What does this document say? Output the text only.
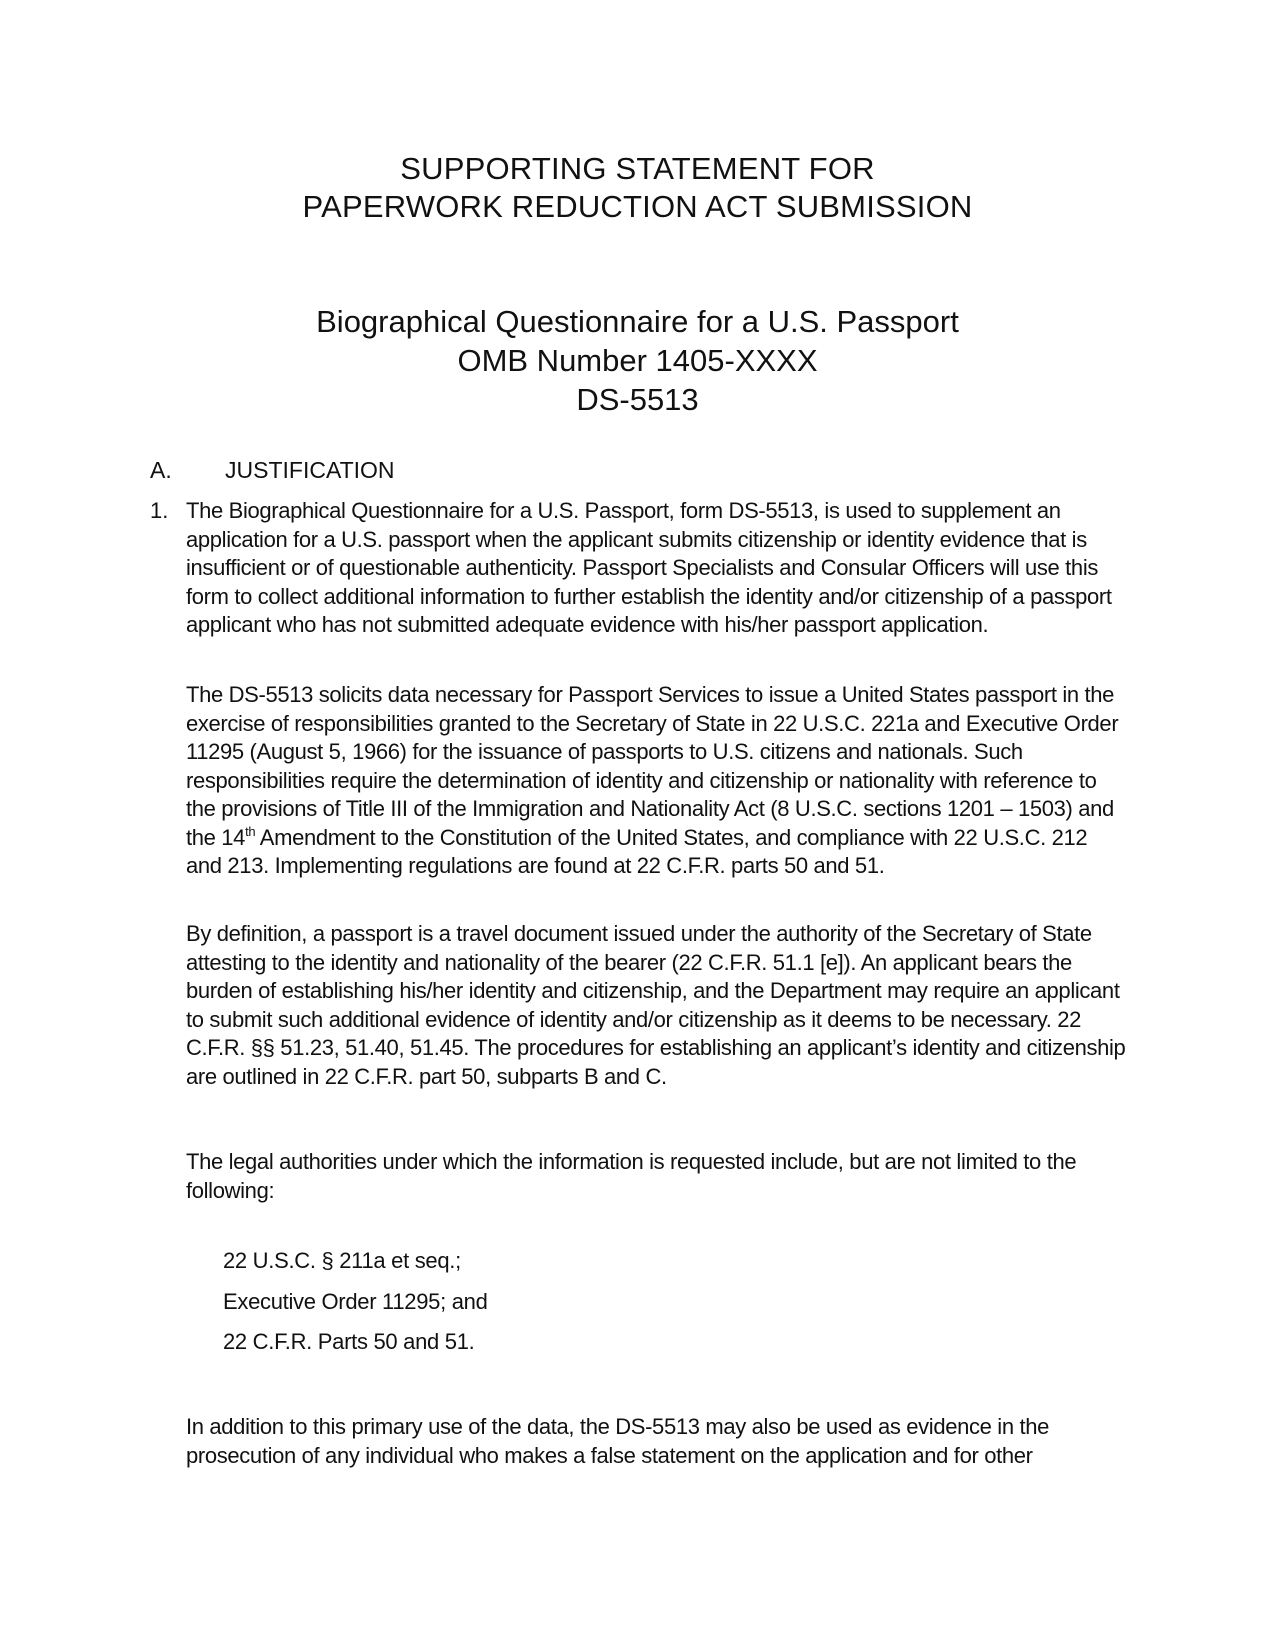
SUPPORTING STATEMENT FOR
PAPERWORK REDUCTION ACT SUBMISSION
Biographical Questionnaire for a U.S. Passport
OMB Number 1405-XXXX
DS-5513
A. JUSTIFICATION
1. The Biographical Questionnaire for a U.S. Passport, form DS-5513, is used to supplement an application for a U.S. passport when the applicant submits citizenship or identity evidence that is insufficient or of questionable authenticity. Passport Specialists and Consular Officers will use this form to collect additional information to further establish the identity and/or citizenship of a passport applicant who has not submitted adequate evidence with his/her passport application.

The DS-5513 solicits data necessary for Passport Services to issue a United States passport in the exercise of responsibilities granted to the Secretary of State in 22 U.S.C. 221a and Executive Order 11295 (August 5, 1966) for the issuance of passports to U.S. citizens and nationals. Such responsibilities require the determination of identity and citizenship or nationality with reference to the provisions of Title III of the Immigration and Nationality Act (8 U.S.C. sections 1201 – 1503) and the 14th Amendment to the Constitution of the United States, and compliance with 22 U.S.C. 212 and 213. Implementing regulations are found at 22 C.F.R. parts 50 and 51.

By definition, a passport is a travel document issued under the authority of the Secretary of State attesting to the identity and nationality of the bearer (22 C.F.R. 51.1 [e]). An applicant bears the burden of establishing his/her identity and citizenship, and the Department may require an applicant to submit such additional evidence of identity and/or citizenship as it deems to be necessary. 22 C.F.R. §§ 51.23, 51.40, 51.45. The procedures for establishing an applicant’s identity and citizenship are outlined in 22 C.F.R. part 50, subparts B and C.

The legal authorities under which the information is requested include, but are not limited to the following:

22 U.S.C. § 211a et seq.;
Executive Order 11295; and
22 C.F.R. Parts 50 and 51.

In addition to this primary use of the data, the DS-5513 may also be used as evidence in the prosecution of any individual who makes a false statement on the application and for other
